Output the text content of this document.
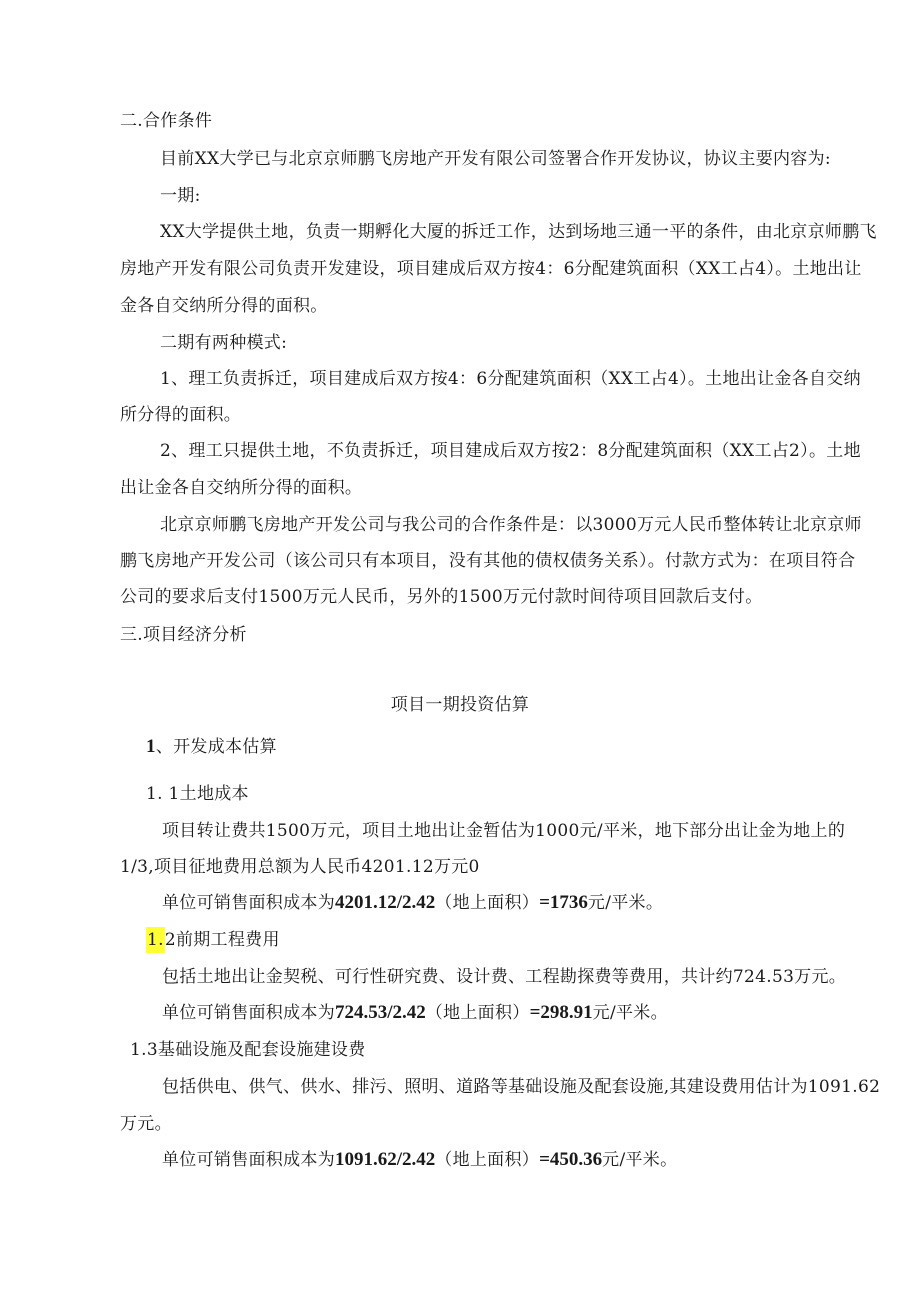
二.合作条件
目前XX大学已与北京京师鹏飞房地产开发有限公司签署合作开发协议，协议主要内容为:
一期:
XX大学提供土地，负责一期孵化大厦的拆迁工作，达到场地三通一平的条件，由北京京师鹏飞
房地产开发有限公司负责开发建设，项目建成后双方按4：6分配建筑面积（XX工占4）。土地出让
金各自交纳所分得的面积。
二期有两种模式:
1、理工负责拆迁，项目建成后双方按4：6分配建筑面积（XX工占4）。土地出让金各自交纳
所分得的面积。
2、理工只提供土地，不负责拆迁，项目建成后双方按2：8分配建筑面积（XX工占2）。土地
出让金各自交纳所分得的面积。
北京京师鹏飞房地产开发公司与我公司的合作条件是：以3000万元人民币整体转让北京京师
鹏飞房地产开发公司（该公司只有本项目，没有其他的债权债务关系）。付款方式为：在项目符合
公司的要求后支付1500万元人民币，另外的1500万元付款时间待项目回款后支付。
三.项目经济分析
项目一期投资估算
1、开发成本估算
1. 1土地成本
项目转让费共1500万元，项目土地出让金暂估为1000元/平米，地下部分出让金为地上的
1/3,项目征地费用总额为人民币4201.12万元0
单位可销售面积成本为4201.12/2.42（地上面积）=1736元/平米。
1.2前期工程费用
包括土地出让金契税、可行性研究费、设计费、工程勘探费等费用，共计约724.53万元。
单位可销售面积成本为724.53/2.42（地上面积）=298.91元/平米。
1.3基础设施及配套设施建设费
包括供电、供气、供水、排污、照明、道路等基础设施及配套设施,其建设费用估计为1091.62
万元。
单位可销售面积成本为1091.62/2.42（地上面积）=450.36元/平米。
